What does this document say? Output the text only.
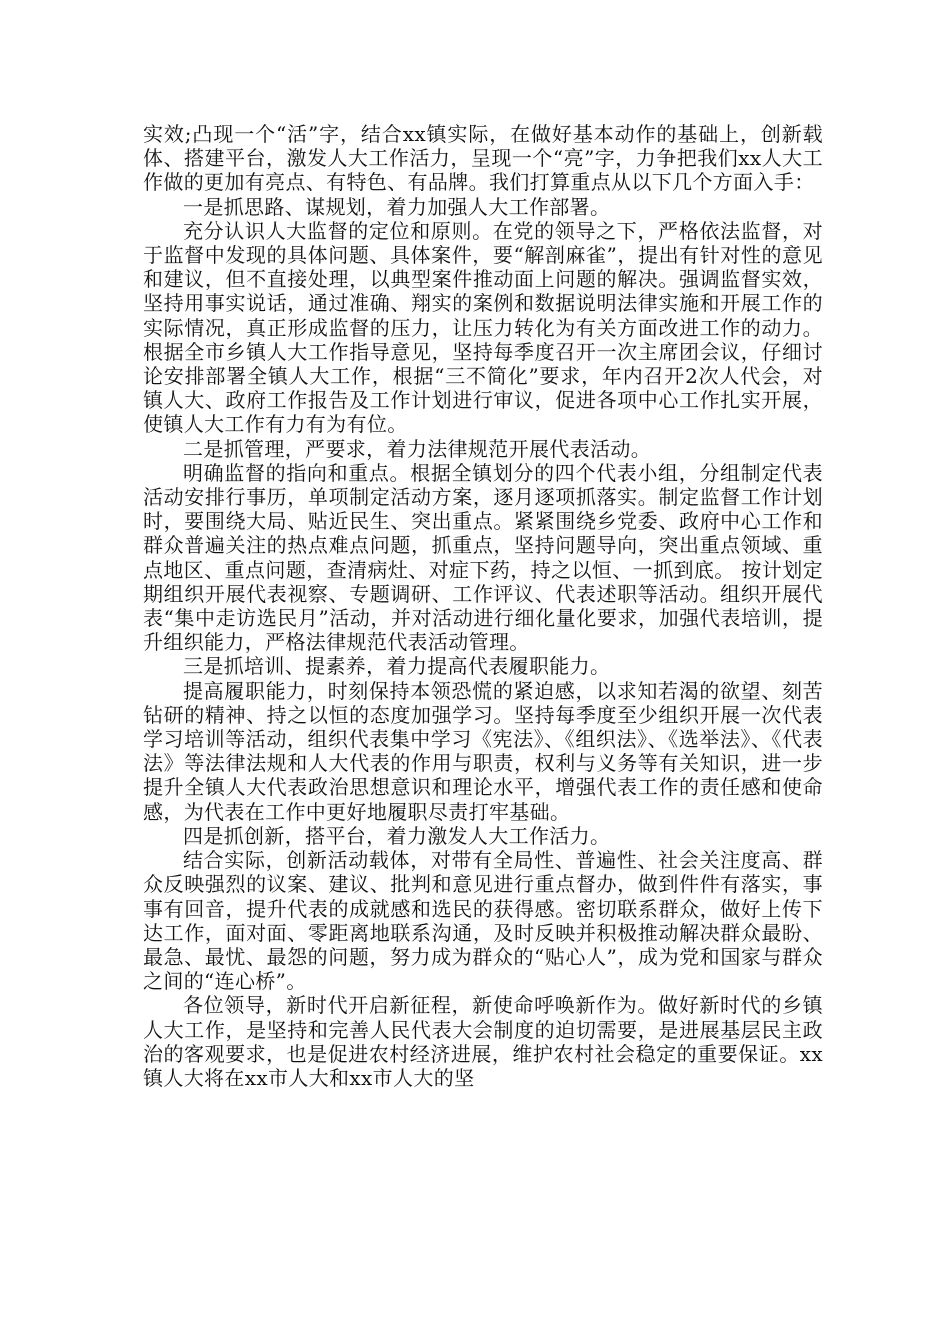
实效;凸现一个“活”字，结合xx镇实际，在做好基本动作的基础上，创新载体、搭建平台，激发人大工作活力，呈现一个“亮”字，力争把我们xx人大工作做的更加有亮点、有特色、有品牌。我们打算重点从以下几个方面入手：

一是抓思路、谋规划，着力加强人大工作部署。

充分认识人大监督的定位和原则。在党的领导之下，严格依法监督，对于监督中发现的具体问题、具体案件，要“解剖麻雀”，提出有针对性的意见和建议，但不直接处理，以典型案件推动面上问题的解决。强调监督实效，坚持用事实说话，通过准确、翔实的案例和数据说明法律实施和开展工作的实际情况，真正形成监督的压力，让压力转化为有关方面改进工作的动力。根据全市乡镇人大工作指导意见，坚持每季度召开一次主席团会议，仔细讨论安排部署全镇人大工作，根据“三不简化”要求，年内召开2次人代会，对镇人大、政府工作报告及工作计划进行审议，促进各项中心工作扎实开展，使镇人大工作有力有为有位。

二是抓管理，严要求，着力法律规范开展代表活动。

明确监督的指向和重点。根据全镇划分的四个代表小组，分组制定代表活动安排行事历，单项制定活动方案，逐月逐项抓落实。制定监督工作计划时，要围绕大局、贴近民生、突出重点。紧紧围绕乡党委、政府中心工作和群众普遍关注的热点难点问题，抓重点，坚持问题导向，突出重点领域、重点地区、重点问题，查清病灶、对症下药，持之以恒、一抓到底。 按计划定期组织开展代表视察、专题调研、工作评议、代表述职等活动。组织开展代表“集中走访选民月”活动，并对活动进行细化量化要求，加强代表培训，提升组织能力，严格法律规范代表活动管理。

三是抓培训、提素养，着力提高代表履职能力。

提高履职能力，时刻保持本领恐慌的紧迫感，以求知若渴的欲望、刻苦钻研的精神、持之以恒的态度加强学习。坚持每季度至少组织开展一次代表学习培训等活动，组织代表集中学习《宪法》、《组织法》、《选举法》、《代表法》等法律法规和人大代表的作用与职责，权利与义务等有关知识，进一步提升全镇人大代表政治思想意识和理论水平，增强代表工作的责任感和使命感，为代表在工作中更好地履职尽责打牢基础。

四是抓创新，搭平台，着力激发人大工作活力。

结合实际，创新活动载体，对带有全局性、普遍性、社会关注度高、群众反映强烈的议案、建议、批判和意见进行重点督办，做到件件有落实，事事有回音，提升代表的成就感和选民的获得感。密切联系群众，做好上传下达工作，面对面、零距离地联系沟通，及时反映并积极推动解决群众最盼、最急、最忧、最怨的问题，努力成为群众的“贴心人”，成为党和国家与群众之间的“连心桥”。

各位领导，新时代开启新征程，新使命呼唤新作为。做好新时代的乡镇人大工作，是坚持和完善人民代表大会制度的迫切需要，是进展基层民主政治的客观要求，也是促进农村经济进展，维护农村社会稳定的重要保证。xx镇人大将在xx市人大和xx市人大的坚
